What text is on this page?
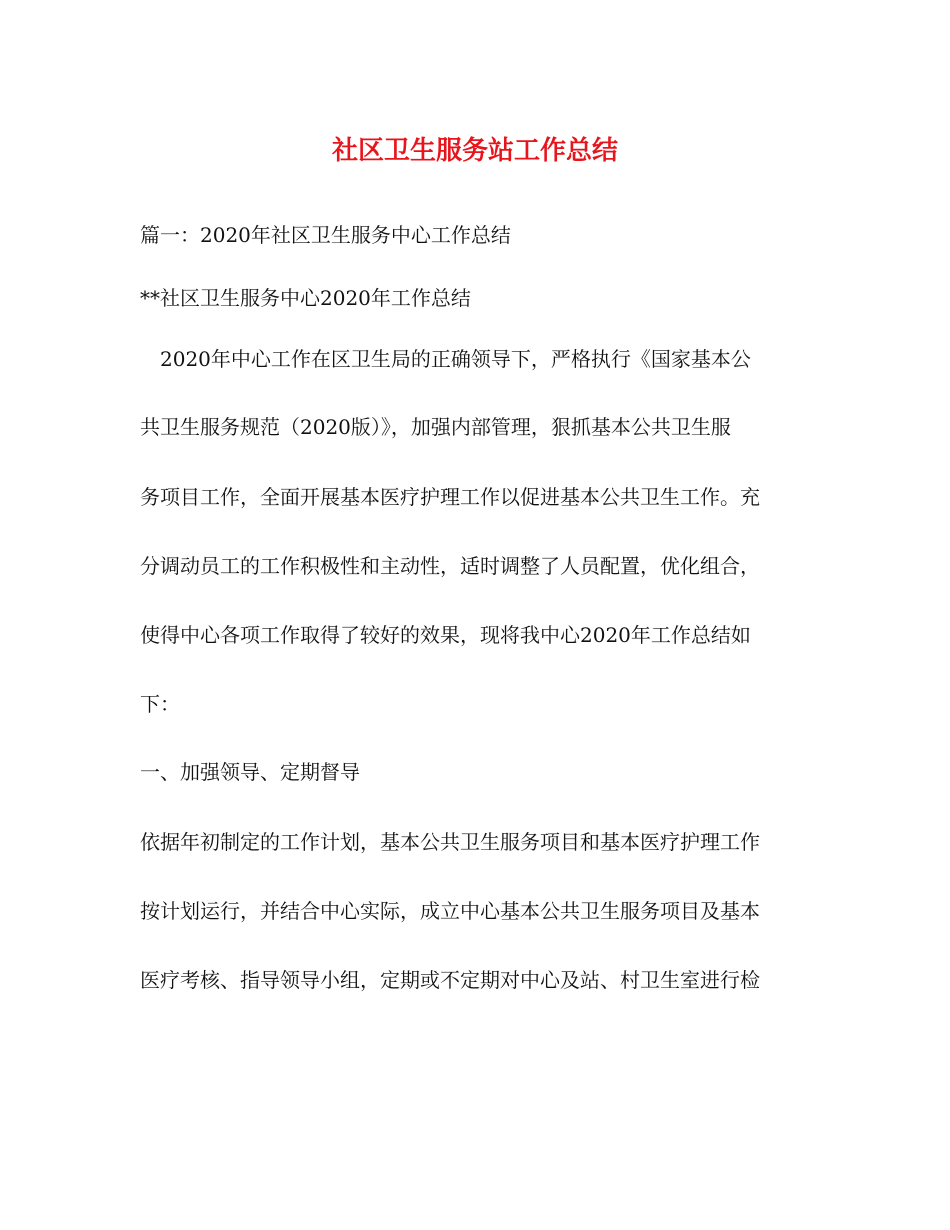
社区卫生服务站工作总结
篇一：2020年社区卫生服务中心工作总结
**社区卫生服务中心2020年工作总结
2020年中心工作在区卫生局的正确领导下，严格执行《国家基本公
共卫生服务规范（2020版）》，加强内部管理，狠抓基本公共卫生服
务项目工作，全面开展基本医疗护理工作以促进基本公共卫生工作。充
分调动员工的工作积极性和主动性，适时调整了人员配置，优化组合，
使得中心各项工作取得了较好的效果，现将我中心2020年工作总结如
下：
一、加强领导、定期督导
依据年初制定的工作计划，基本公共卫生服务项目和基本医疗护理工作
按计划运行，并结合中心实际，成立中心基本公共卫生服务项目及基本
医疗考核、指导领导小组，定期或不定期对中心及站、村卫生室进行检
